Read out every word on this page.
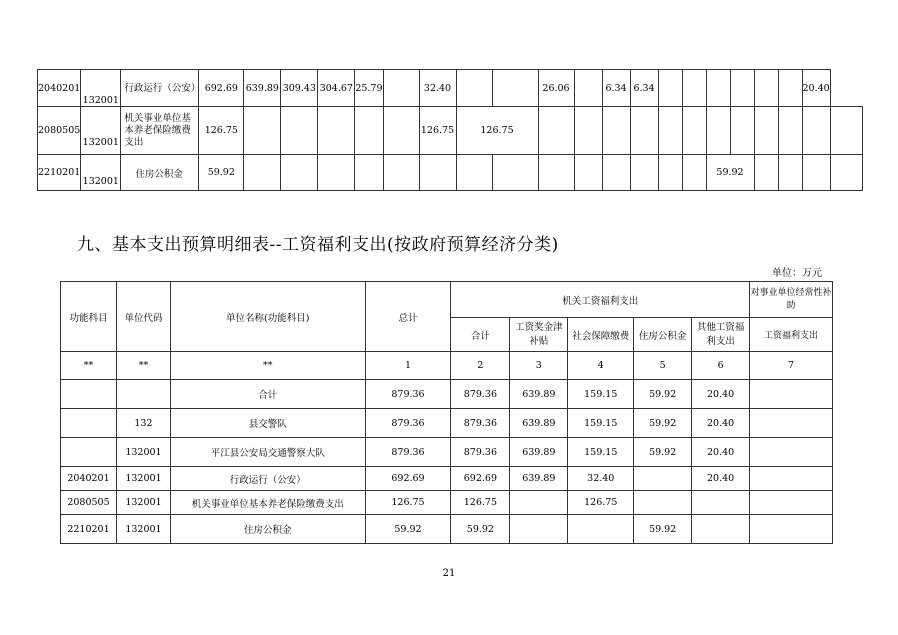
2040201	132001	行政运行（公安）	692.69	639.89	309.43	304.67	25.79		32.40			26.06		6.34	6.34							20.40	
2080505	132001	机关事业单位基本养老保险缴费支出	126.75						126.75	126.75													
2210201	132001	住房公积金	59.92															59.92					
九、基本支出预算明细表--工资福利支出(按政府预算经济分类)
单位：万元
功能科目	单位代码	单位名称(功能科目)	总计	机关工资福利支出					对事业单位经常性补助
				合计	工资奖金津补贴	社会保障缴费	住房公积金	其他工资福利支出	工资福利支出
**	**	**	1	2	3	4	5	6	7
		合计	879.36	879.36	639.89	159.15	59.92	20.40	
	132	县交警队	879.36	879.36	639.89	159.15	59.92	20.40	
	132001	平江县公安局交通警察大队	879.36	879.36	639.89	159.15	59.92	20.40	
2040201	132001	行政运行（公安）	692.69	692.69	639.89	32.40		20.40	
2080505	132001	机关事业单位基本养老保险缴费支出	126.75	126.75		126.75			
2210201	132001	住房公积金	59.92	59.92			59.92		
21
